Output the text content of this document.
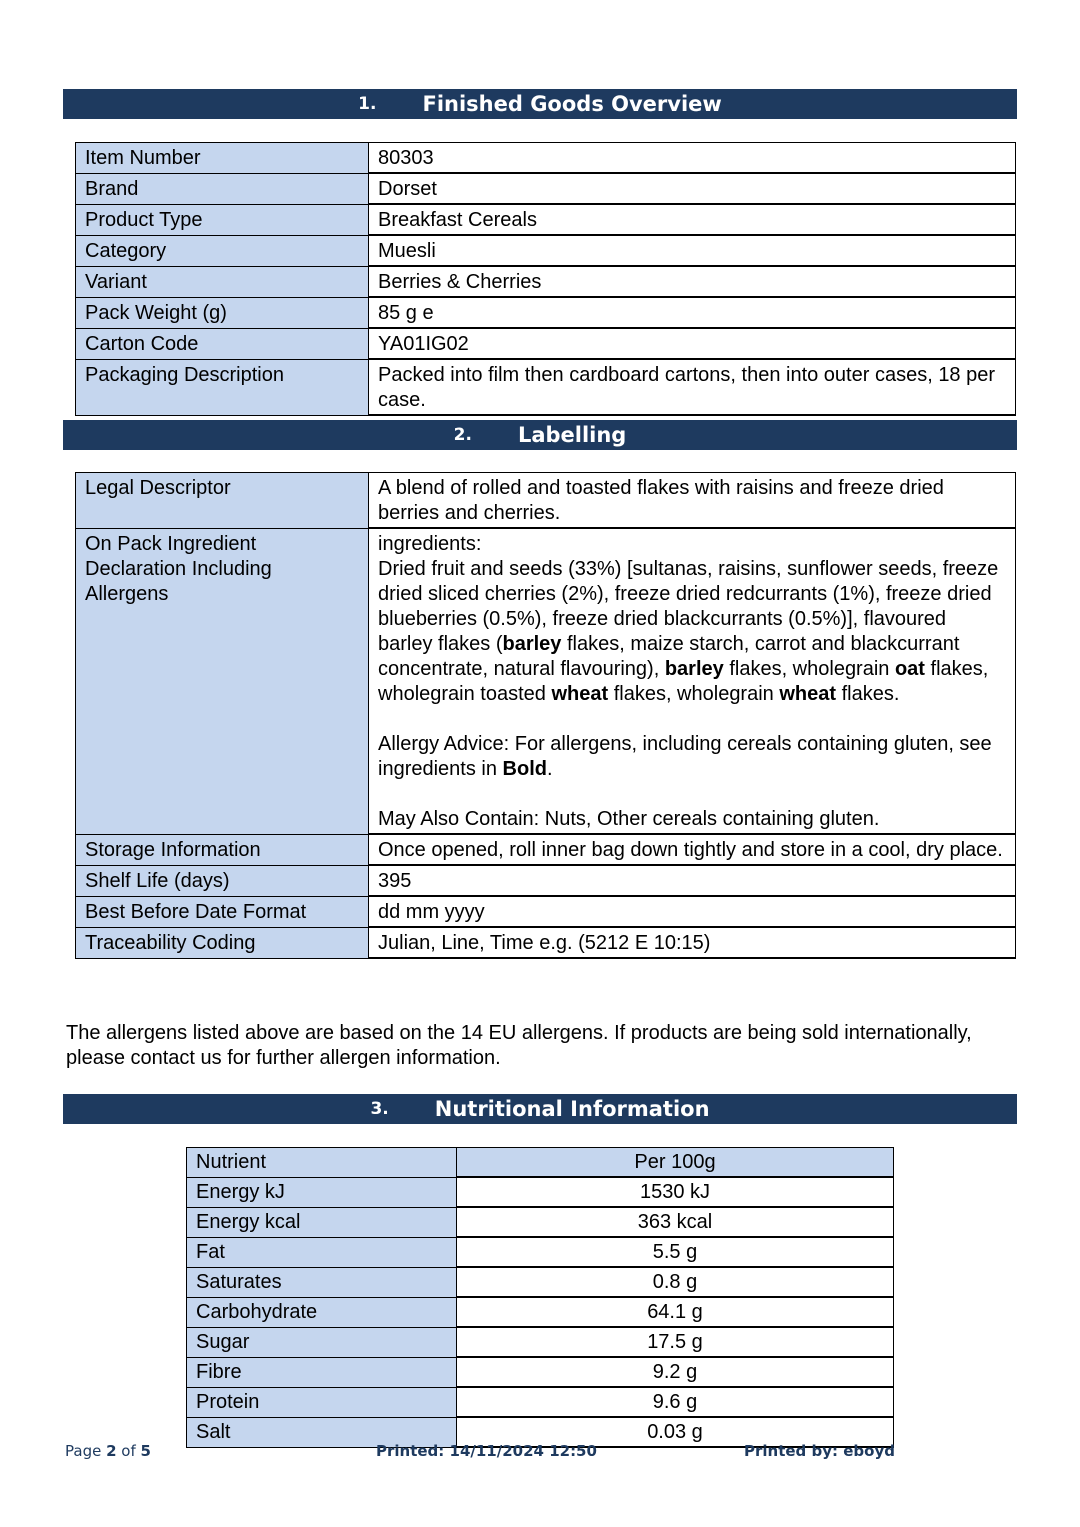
1. Finished Goods Overview
Item Number	80303
Brand	Dorset
Product Type	Breakfast Cereals
Category	Muesli
Variant	Berries & Cherries
Pack Weight (g)	85 g e
Carton Code	YA01IG02
Packaging Description	Packed into film then cardboard cartons, then into outer cases, 18 per case.
2. Labelling
Legal Descriptor	A blend of rolled and toasted flakes with raisins and freeze dried berries and cherries.
On Pack Ingredient Declaration Including Allergens	ingredients:
Dried fruit and seeds (33%) [sultanas, raisins, sunflower seeds, freeze dried sliced cherries (2%), freeze dried redcurrants (1%), freeze dried blueberries (0.5%), freeze dried blackcurrants (0.5%)], flavoured barley flakes (barley flakes, maize starch, carrot and blackcurrant concentrate, natural flavouring), barley flakes, wholegrain oat flakes, wholegrain toasted wheat flakes, wholegrain wheat flakes.
Allergy Advice: For allergens, including cereals containing gluten, see ingredients in Bold.
May Also Contain: Nuts, Other cereals containing gluten.
Storage Information	Once opened, roll inner bag down tightly and store in a cool, dry place.
Shelf Life (days)	395
Best Before Date Format	dd mm yyyy
Traceability Coding	Julian, Line, Time e.g. (5212 E 10:15)
The allergens listed above are based on the 14 EU allergens. If products are being sold internationally, please contact us for further allergen information.
3. Nutritional Information
Nutrient	Per 100g
Energy kJ	1530 kJ
Energy kcal	363 kcal
Fat	5.5 g
Saturates	0.8 g
Carbohydrate	64.1 g
Sugar	17.5 g
Fibre	9.2 g
Protein	9.6 g
Salt	0.03 g
Page 2 of 5	Printed: 14/11/2024 12:50	Printed by: eboyd
